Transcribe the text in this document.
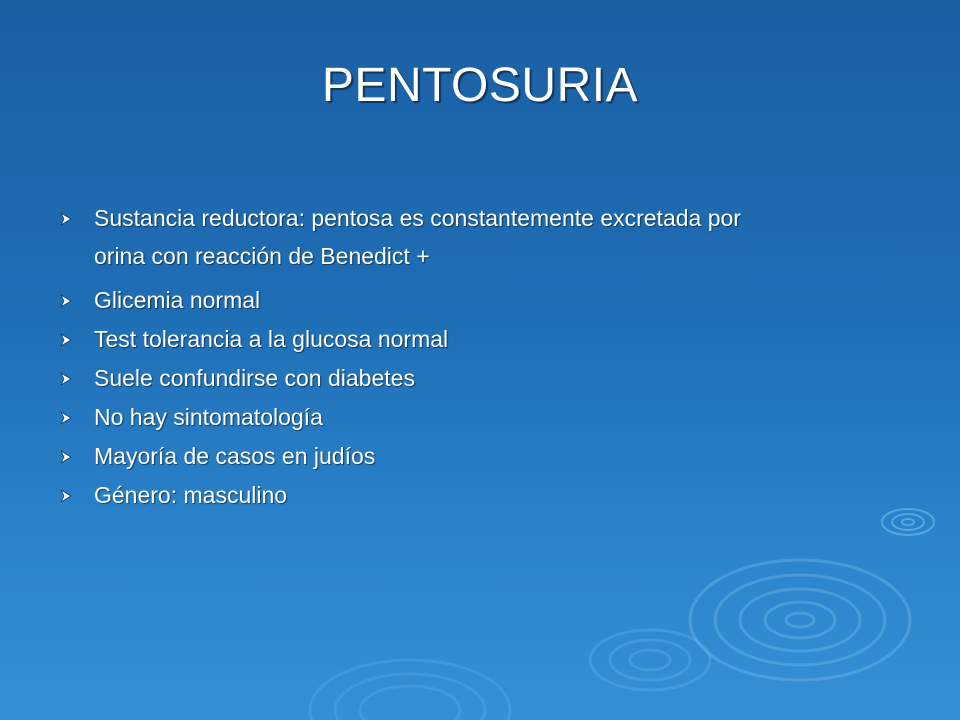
PENTOSURIA
Sustancia reductora: pentosa es constantemente excretada por
orina con reacción de Benedict +
Glicemia normal
Test tolerancia a la glucosa normal
Suele confundirse con diabetes
No hay sintomatología
Mayoría de casos en judíos
Género: masculino
